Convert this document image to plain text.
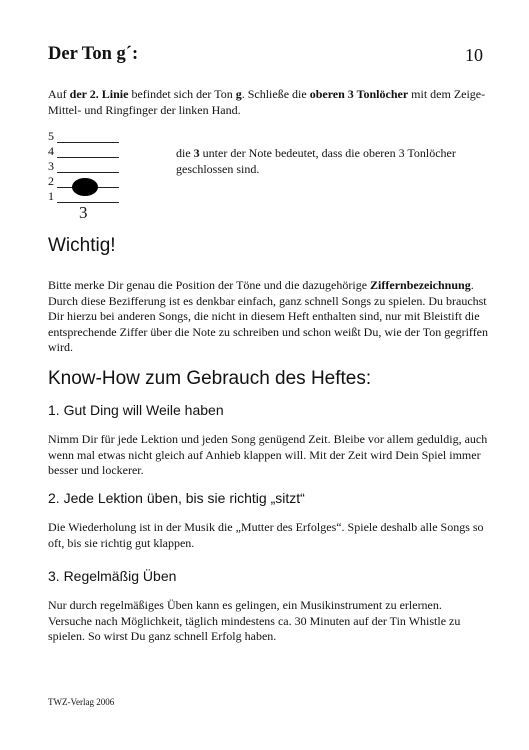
Der Ton g´:	10
Auf der 2. Linie befindet sich der Ton g. Schließe die oberen 3 Tonlöcher mit dem Zeige- Mittel- und Ringfinger der linken Hand.
5
4
3
2
1
3
die 3 unter der Note bedeutet, dass die oberen 3 Tonlöcher geschlossen sind.
Wichtig!
Bitte merke Dir genau die Position der Töne und die dazugehörige Ziffernbezeichnung. Durch diese Bezifferung ist es denkbar einfach, ganz schnell Songs zu spielen. Du brauchst Dir hierzu bei anderen Songs, die nicht in diesem Heft enthalten sind, nur mit Bleistift die entsprechende Ziffer über die Note zu schreiben und schon weißt Du, wie der Ton gegriffen wird.
Know-How zum Gebrauch des Heftes:
1. Gut Ding will Weile haben
Nimm Dir für jede Lektion und jeden Song genügend Zeit. Bleibe vor allem geduldig, auch wenn mal etwas nicht gleich auf Anhieb klappen will. Mit der Zeit wird Dein Spiel immer besser und lockerer.
2. Jede Lektion üben, bis sie richtig „sitzt“
Die Wiederholung ist in der Musik die „Mutter des Erfolges“. Spiele deshalb alle Songs so oft, bis sie richtig gut klappen.
3. Regelmäßig Üben
Nur durch regelmäßiges Üben kann es gelingen, ein Musikinstrument zu erlernen. Versuche nach Möglichkeit, täglich mindestens ca. 30 Minuten auf der Tin Whistle zu spielen. So wirst Du ganz schnell Erfolg haben.
TWZ-Verlag 2006
